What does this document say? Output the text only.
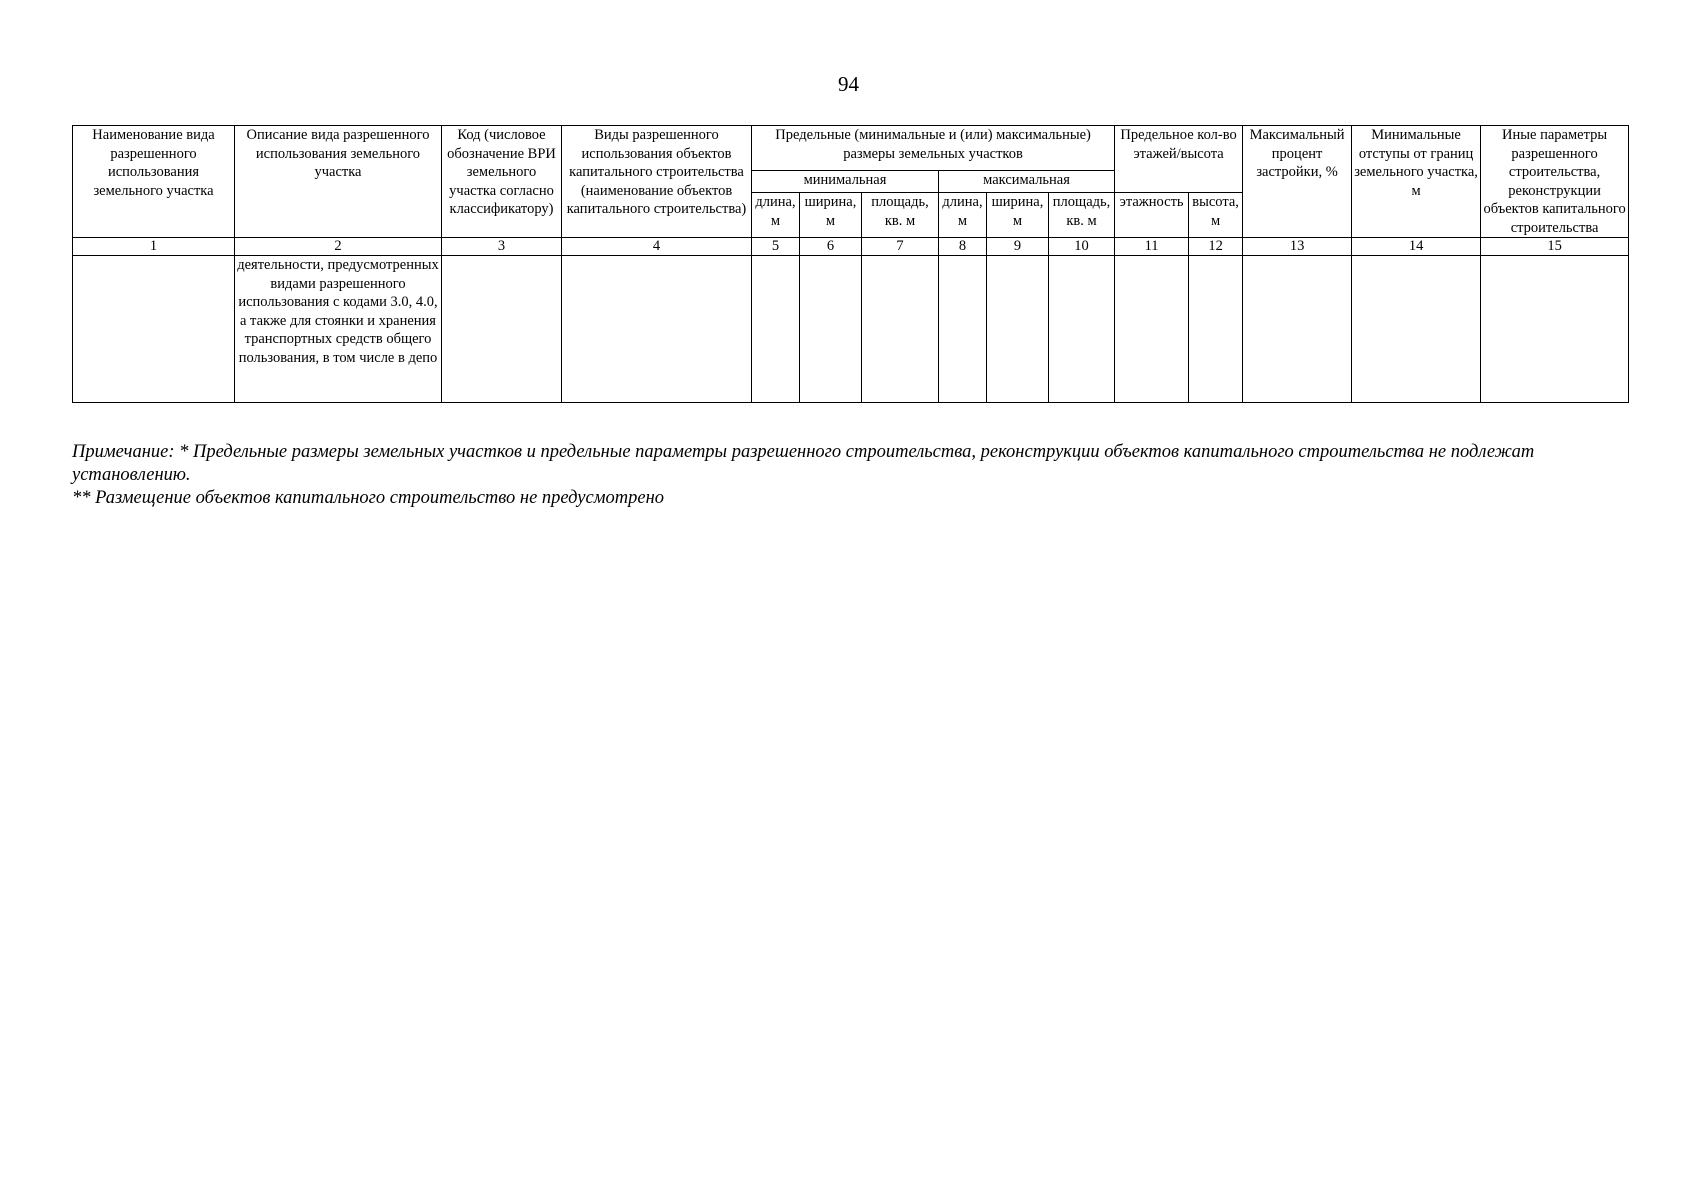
94
Наименование вида разрешенного использования земельного участка	Описание вида разрешенного использования земельного участка	Код (числовое обозначение ВРИ земельного участка согласно классификатору)	Виды разрешенного использования объектов капитального строительства (наименование объектов капитального строительства)	Предельные (минимальные и (или) максимальные) размеры земельных участков						Предельное кол-во этажей/высота		Максимальный процент застройки, %	Минимальные отступы от границ земельного участка, м	Иные параметры разрешенного строительства, реконструкции объектов капитального строительства
				минимальная			максимальная							
				длина, м	ширина, м	площадь, кв. м	длина, м	ширина, м	площадь, кв. м	этажность	высота, м			
1	2	3	4	5	6	7	8	9	10	11	12	13	14	15
	деятельности, предусмотренных видами разрешенного использования с кодами 3.0, 4.0, а также для стоянки и хранения транспортных средств общего пользования, в том числе в депо													

Примечание: * Предельные размеры земельных участков и предельные параметры разрешенного строительства, реконструкции объектов капитального строительства не подлежат установлению.

** Размещение объектов капитального строительство не предусмотрено
